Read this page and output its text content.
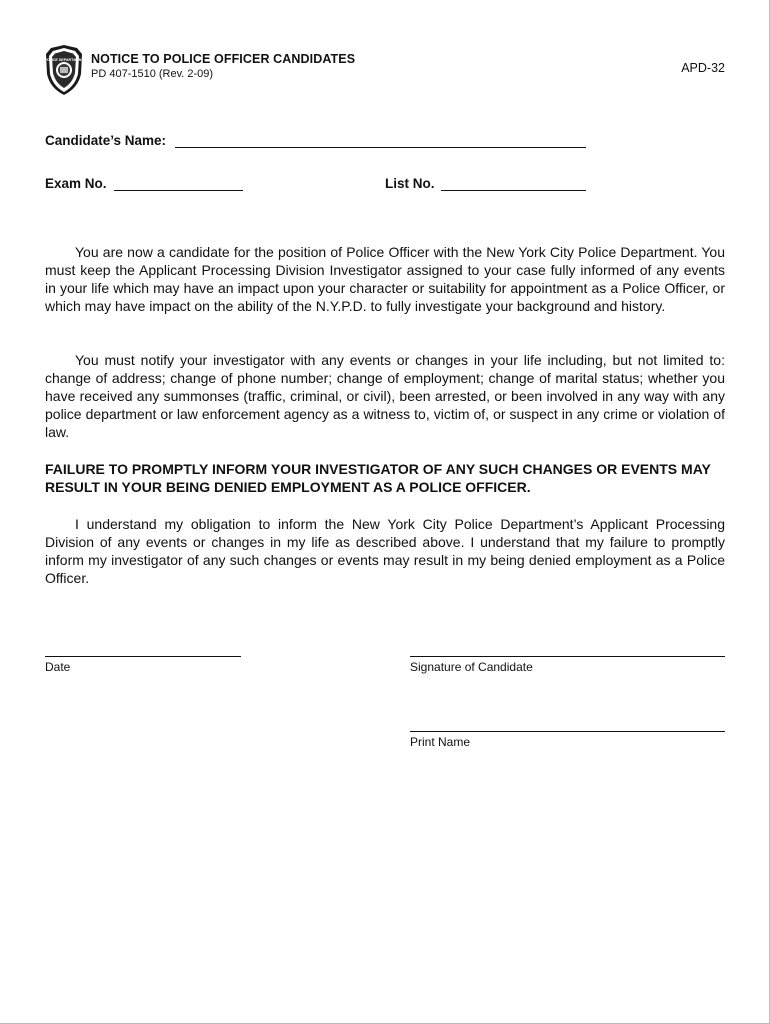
POLICE DEPARTMENT NOTICE TO POLICE OFFICER CANDIDATES
PD 407-1510 (Rev. 2-09)	APD-32
Candidate’s Name:
Exam No.	List No.
You are now a candidate for the position of Police Officer with the New York City Police Department. You must keep the Applicant Processing Division Investigator assigned to your case fully informed of any events in your life which may have an impact upon your character or suitability for appointment as a Police Officer, or which may have impact on the ability of the N.Y.P.D. to fully investigate your background and history.
You must notify your investigator with any events or changes in your life including, but not limited to: change of address; change of phone number; change of employment; change of marital status; whether you have received any summonses (traffic, criminal, or civil), been arrested, or been involved in any way with any police department or law enforcement agency as a witness to, victim of, or suspect in any crime or violation of law.
FAILURE TO PROMPTLY INFORM YOUR INVESTIGATOR OF ANY SUCH CHANGES OR EVENTS MAY RESULT IN YOUR BEING DENIED EMPLOYMENT AS A POLICE OFFICER.
I understand my obligation to inform the New York City Police Department’s Applicant Processing Division of any events or changes in my life as described above. I understand that my failure to promptly inform my investigator of any such changes or events may result in my being denied employment as a Police Officer.
Date	Signature of Candidate
Print Name
